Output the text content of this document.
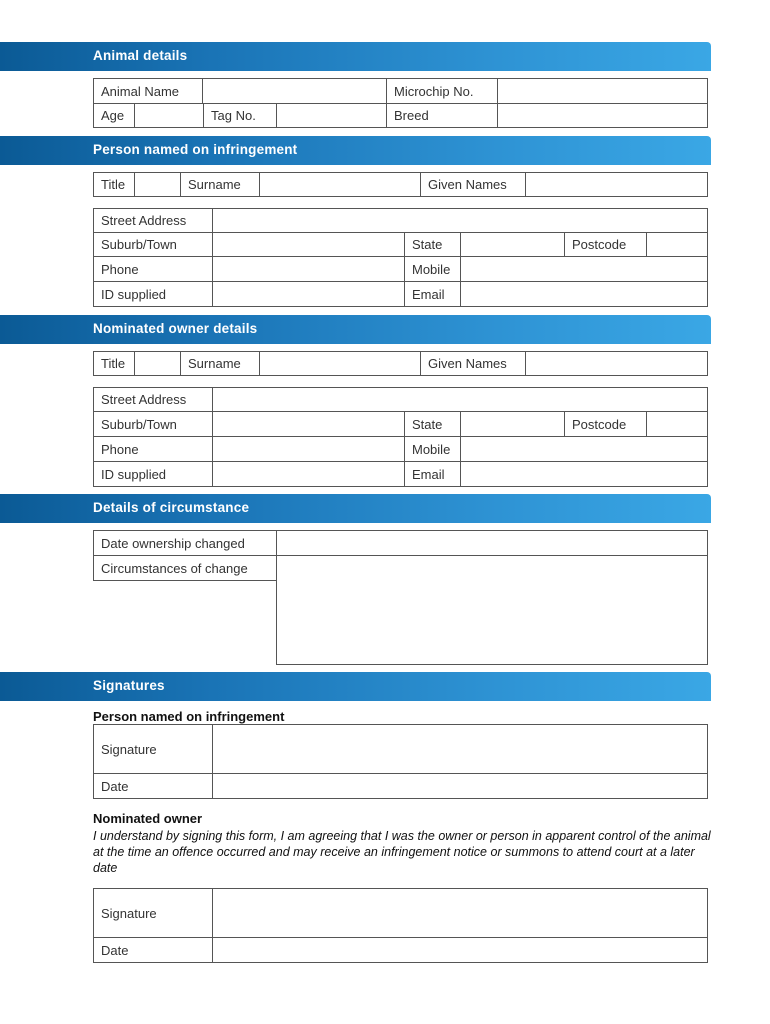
Animal details
Animal Name	Microchip No.
Age	Tag No.	Breed
Person named on infringement
Title	Surname	Given Names
Street Address
Suburb/Town	State	Postcode
Phone	Mobile
ID supplied	Email
Nominated owner details
Title	Surname	Given Names
Street Address
Suburb/Town	State	Postcode
Phone	Mobile
ID supplied	Email
Details of circumstance
Date ownership changed
Circumstances of change
Signatures
Person named on infringement
Signature
Date
Nominated owner
I understand by signing this form, I am agreeing that I was the owner or person in apparent control of the animal at the time an offence occurred and may receive an infringement notice or summons to attend court at a later date
Signature
Date
